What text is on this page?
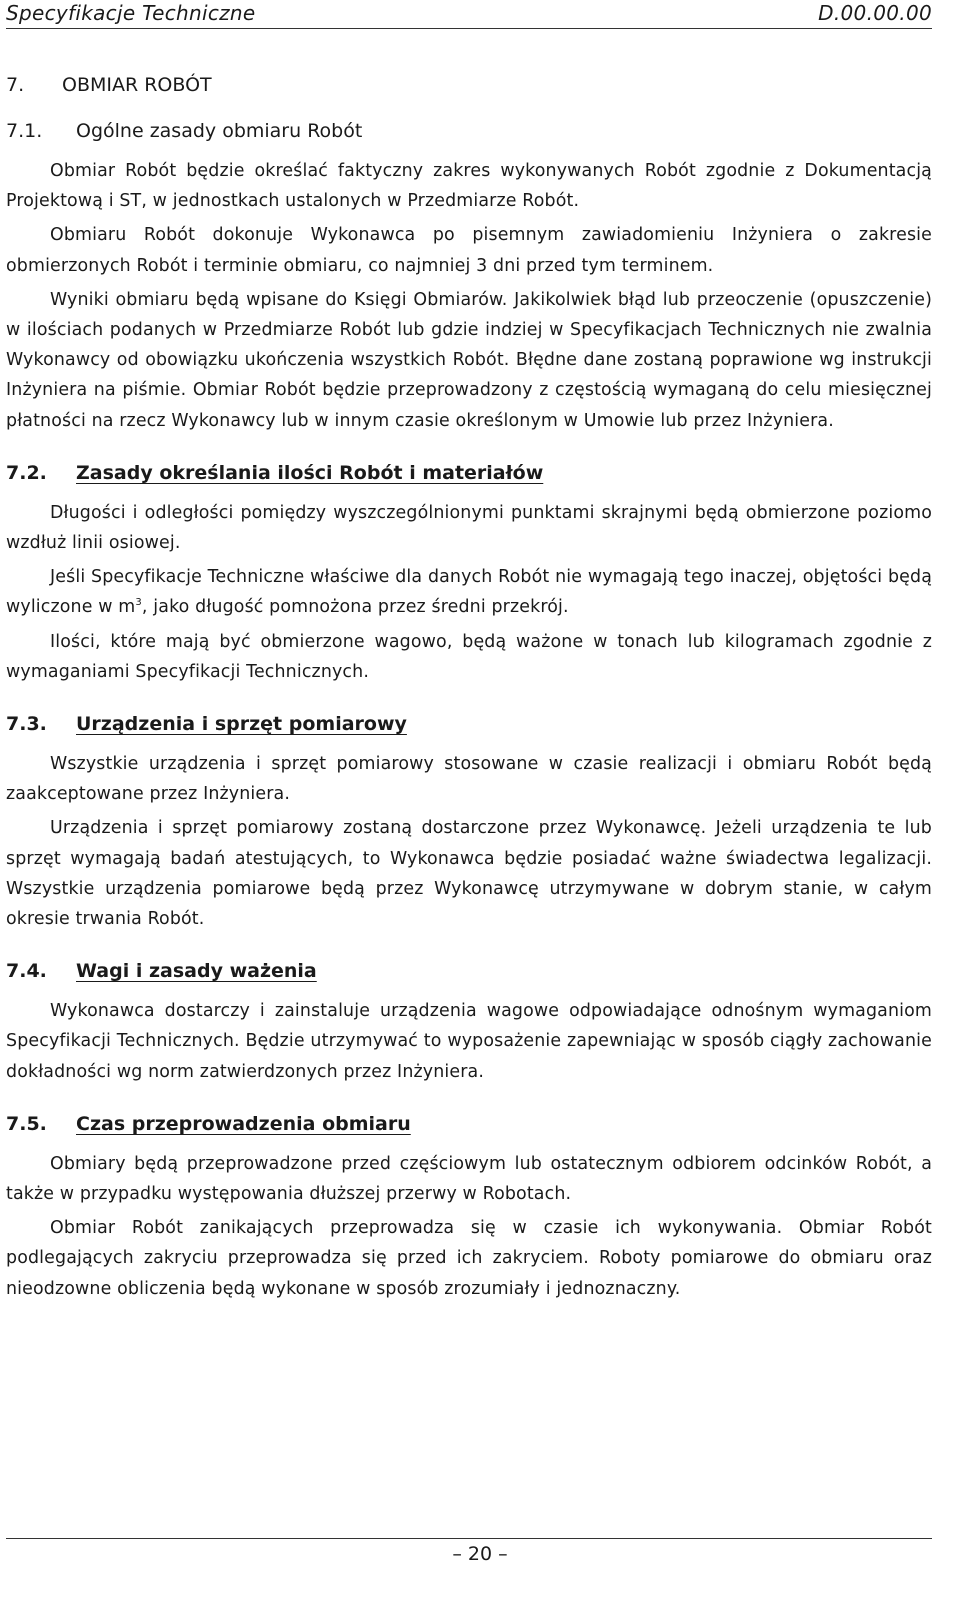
Specyfikacje Techniczne	D.00.00.00
7.	OBMIAR ROBÓT
7.1.	Ogólne zasady obmiaru Robót

Obmiar Robót będzie określać faktyczny zakres wykonywanych Robót zgodnie z Dokumentacją Projektową i ST, w jednostkach ustalonych w Przedmiarze Robót.

Obmiaru Robót dokonuje Wykonawca po pisemnym zawiadomieniu Inżyniera o zakresie obmierzonych Robót i terminie obmiaru, co najmniej 3 dni przed tym terminem.

Wyniki obmiaru będą wpisane do Księgi Obmiarów. Jakikolwiek błąd lub przeoczenie (opuszczenie) w ilościach podanych w Przedmiarze Robót lub gdzie indziej w Specyfikacjach Technicznych nie zwalnia Wykonawcy od obowiązku ukończenia wszystkich Robót. Błędne dane zostaną poprawione wg instrukcji Inżyniera na piśmie. Obmiar Robót będzie przeprowadzony z częstością wymaganą do celu miesięcznej płatności na rzecz Wykonawcy lub w innym czasie określonym w Umowie lub przez Inżyniera.

7.2.	Zasady określania ilości Robót i materiałów

Długości i odległości pomiędzy wyszczególnionymi punktami skrajnymi będą obmierzone poziomo wzdłuż linii osiowej.

Jeśli Specyfikacje Techniczne właściwe dla danych Robót nie wymagają tego inaczej, objętości będą wyliczone w $m^3$, jako długość pomnożona przez średni przekrój.

Ilości, które mają być obmierzone wagowo, będą ważone w tonach lub kilogramach zgodnie z wymaganiami Specyfikacji Technicznych.

7.3.	Urządzenia i sprzęt pomiarowy

Wszystkie urządzenia i sprzęt pomiarowy stosowane w czasie realizacji i obmiaru Robót będą zaakceptowane przez Inżyniera.

Urządzenia i sprzęt pomiarowy zostaną dostarczone przez Wykonawcę. Jeżeli urządzenia te lub sprzęt wymagają badań atestujących, to Wykonawca będzie posiadać ważne świadectwa legalizacji. Wszystkie urządzenia pomiarowe będą przez Wykonawcę utrzymywane w dobrym stanie, w całym okresie trwania Robót.

7.4.	Wagi i zasady ważenia

Wykonawca dostarczy i zainstaluje urządzenia wagowe odpowiadające odnośnym wymaganiom Specyfikacji Technicznych. Będzie utrzymywać to wyposażenie zapewniając w sposób ciągły zachowanie dokładności wg norm zatwierdzonych przez Inżyniera.

7.5.	Czas przeprowadzenia obmiaru

Obmiary będą przeprowadzone przed częściowym lub ostatecznym odbiorem odcinków Robót, a także w przypadku występowania dłuższej przerwy w Robotach.

Obmiar Robót zanikających przeprowadza się w czasie ich wykonywania. Obmiar Robót podlegających zakryciu przeprowadza się przed ich zakryciem. Roboty pomiarowe do obmiaru oraz nieodzowne obliczenia będą wykonane w sposób zrozumiały i jednoznaczny.

– 20 –
